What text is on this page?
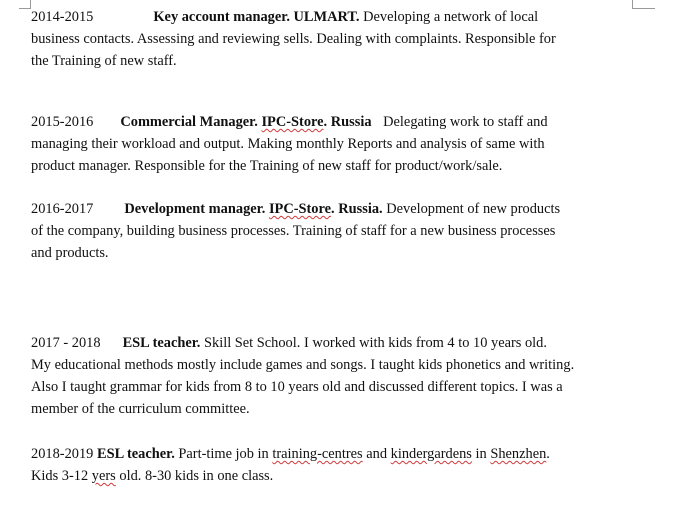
2014-2015	Key account manager. ULMART. Developing a network of local
business contacts. Assessing and reviewing sells. Dealing with complaints. Responsible for
the Training of new staff.
2015-2016 Commercial Manager. IPC-Store. Russia Delegating work to staff and
managing their workload and output. Making monthly Reports and analysis of same with
product manager. Responsible for the Training of new staff for product/work/sale.
2016-2017 Development manager. IPC-Store. Russia. Development of new products
of the company, building business processes. Training of staff for a new business processes
and products.
2017 - 2018 ESL teacher. Skill Set School. I worked with kids from 4 to 10 years old.
My educational methods mostly include games and songs. I taught kids phonetics and writing.
Also I taught grammar for kids from 8 to 10 years old and discussed different topics. I was a
member of the curriculum committee.
2018-2019 ESL teacher. Part-time job in training-centres and kindergardens in Shenzhen.
Kids 3-12 yers old. 8-30 kids in one class.
